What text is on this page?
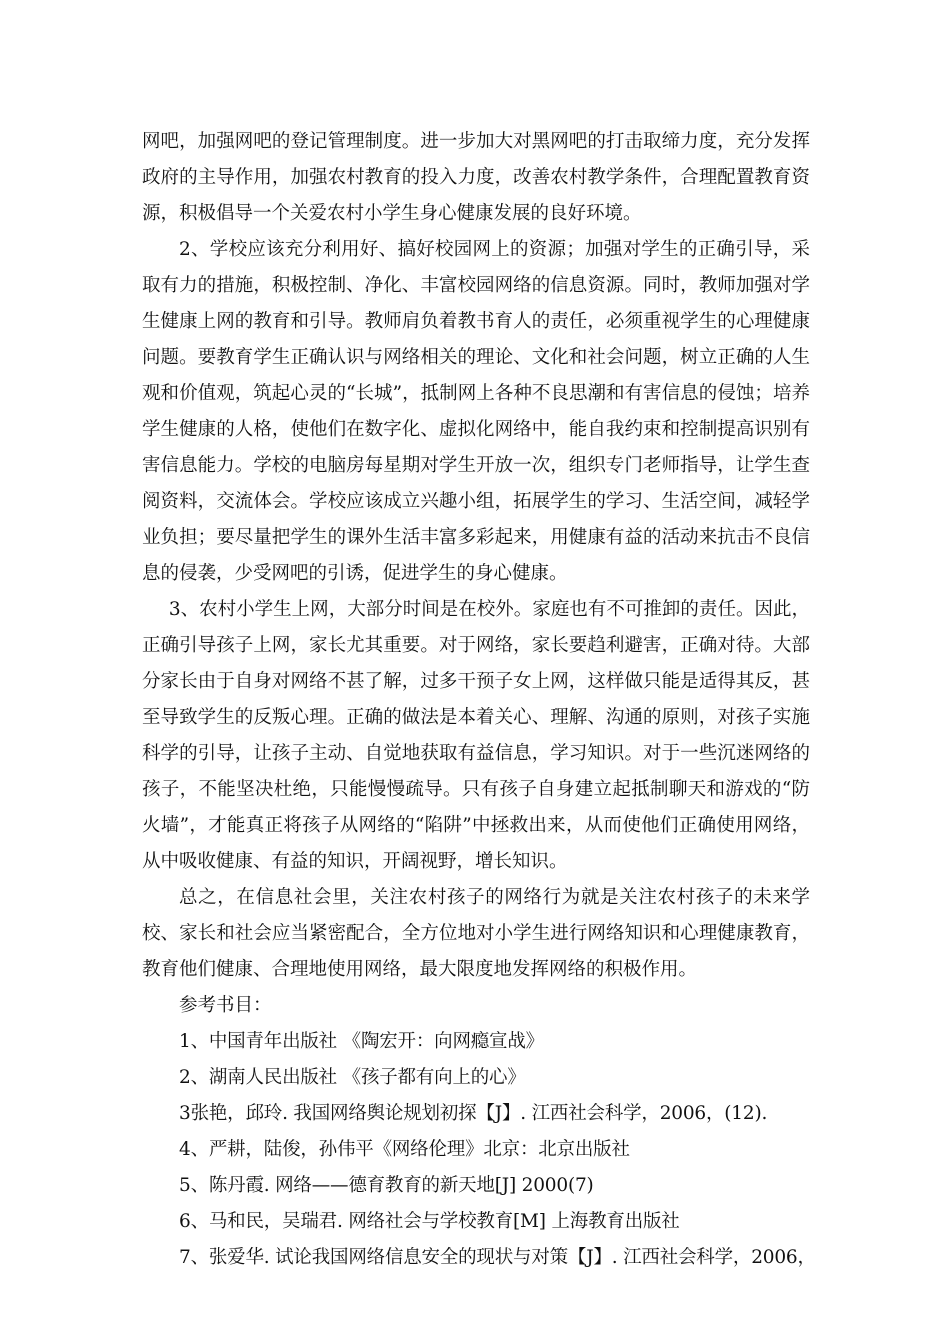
网吧，加强网吧的登记管理制度。进一步加大对黑网吧的打击取缔力度，充分发挥政府的主导作用，加强农村教育的投入力度，改善农村教学条件，合理配置教育资源，积极倡导一个关爱农村小学生身心健康发展的良好环境。

2、学校应该充分利用好、搞好校园网上的资源；加强对学生的正确引导，采取有力的措施，积极控制、净化、丰富校园网络的信息资源。同时，教师加强对学生健康上网的教育和引导。教师肩负着教书育人的责任，必须重视学生的心理健康问题。要教育学生正确认识与网络相关的理论、文化和社会问题，树立正确的人生观和价值观，筑起心灵的“长城”，抵制网上各种不良思潮和有害信息的侵蚀；培养学生健康的人格，使他们在数字化、虚拟化网络中，能自我约束和控制提高识别有害信息能力。学校的电脑房每星期对学生开放一次，组织专门老师指导，让学生查阅资料，交流体会。学校应该成立兴趣小组，拓展学生的学习、生活空间，减轻学业负担；要尽量把学生的课外生活丰富多彩起来，用健康有益的活动来抗击不良信息的侵袭，少受网吧的引诱，促进学生的身心健康。

3、农村小学生上网，大部分时间是在校外。家庭也有不可推卸的责任。因此，正确引导孩子上网，家长尤其重要。对于网络，家长要趋利避害，正确对待。大部分家长由于自身对网络不甚了解，过多干预子女上网，这样做只能是适得其反，甚至导致学生的反叛心理。正确的做法是本着关心、理解、沟通的原则，对孩子实施科学的引导，让孩子主动、自觉地获取有益信息，学习知识。对于一些沉迷网络的孩子，不能坚决杜绝，只能慢慢疏导。只有孩子自身建立起抵制聊天和游戏的“防火墙”，才能真正将孩子从网络的“陷阱”中拯救出来，从而使他们正确使用网络，从中吸收健康、有益的知识，开阔视野，增长知识。

总之，在信息社会里，关注农村孩子的网络行为就是关注农村孩子的未来学校、家长和社会应当紧密配合，全方位地对小学生进行网络知识和心理健康教育，教育他们健康、合理地使用网络，最大限度地发挥网络的积极作用。

参考书目：

1、中国青年出版社 《陶宏开：向网瘾宣战》
2、湖南人民出版社 《孩子都有向上的心》
3张艳，邱玲. 我国网络舆论规划初探【J】. 江西社会科学，2006，(12).
4、严耕，陆俊，孙伟平《网络伦理》北京：北京出版社
5、陈丹霞. 网络——德育教育的新天地[J] 2000(7)
6、马和民，吴瑞君. 网络社会与学校教育[M] 上海教育出版社
7、张爱华. 试论我国网络信息安全的现状与对策【J】. 江西社会科学，2006，
